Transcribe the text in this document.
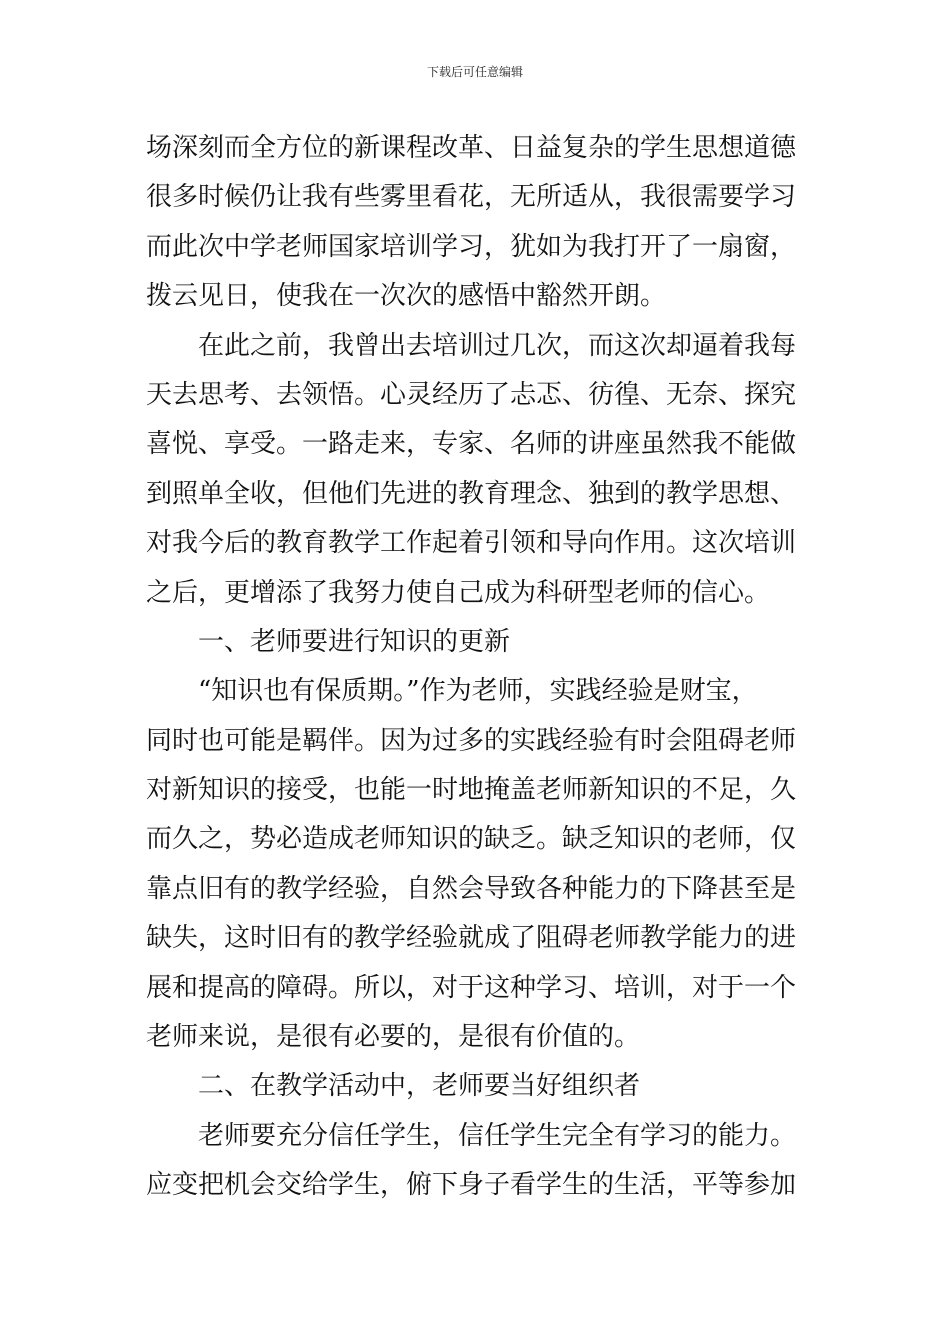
下载后可任意编辑
场深刻而全方位的新课程改革、日益复杂的学生思想道德
很多时候仍让我有些雾里看花，无所适从，我很需要学习
而此次中学老师国家培训学习，犹如为我打开了一扇窗，
拨云见日，使我在一次次的感悟中豁然开朗。
在此之前，我曾出去培训过几次，而这次却逼着我每
天去思考、去领悟。心灵经历了忐忑、彷徨、无奈、探究
喜悦、享受。一路走来，专家、名师的讲座虽然我不能做
到照单全收，但他们先进的教育理念、独到的教学思想、
对我今后的教育教学工作起着引领和导向作用。这次培训
之后，更增添了我努力使自己成为科研型老师的信心。
一、老师要进行知识的更新
“知识也有保质期。”作为老师，实践经验是财宝，
同时也可能是羁伴。因为过多的实践经验有时会阻碍老师
对新知识的接受，也能一时地掩盖老师新知识的不足，久
而久之，势必造成老师知识的缺乏。缺乏知识的老师，仅
靠点旧有的教学经验，自然会导致各种能力的下降甚至是
缺失，这时旧有的教学经验就成了阻碍老师教学能力的进
展和提高的障碍。所以，对于这种学习、培训，对于一个
老师来说，是很有必要的，是很有价值的。
二、在教学活动中，老师要当好组织者
老师要充分信任学生，信任学生完全有学习的能力。
应变把机会交给学生，俯下身子看学生的生活，平等参加
